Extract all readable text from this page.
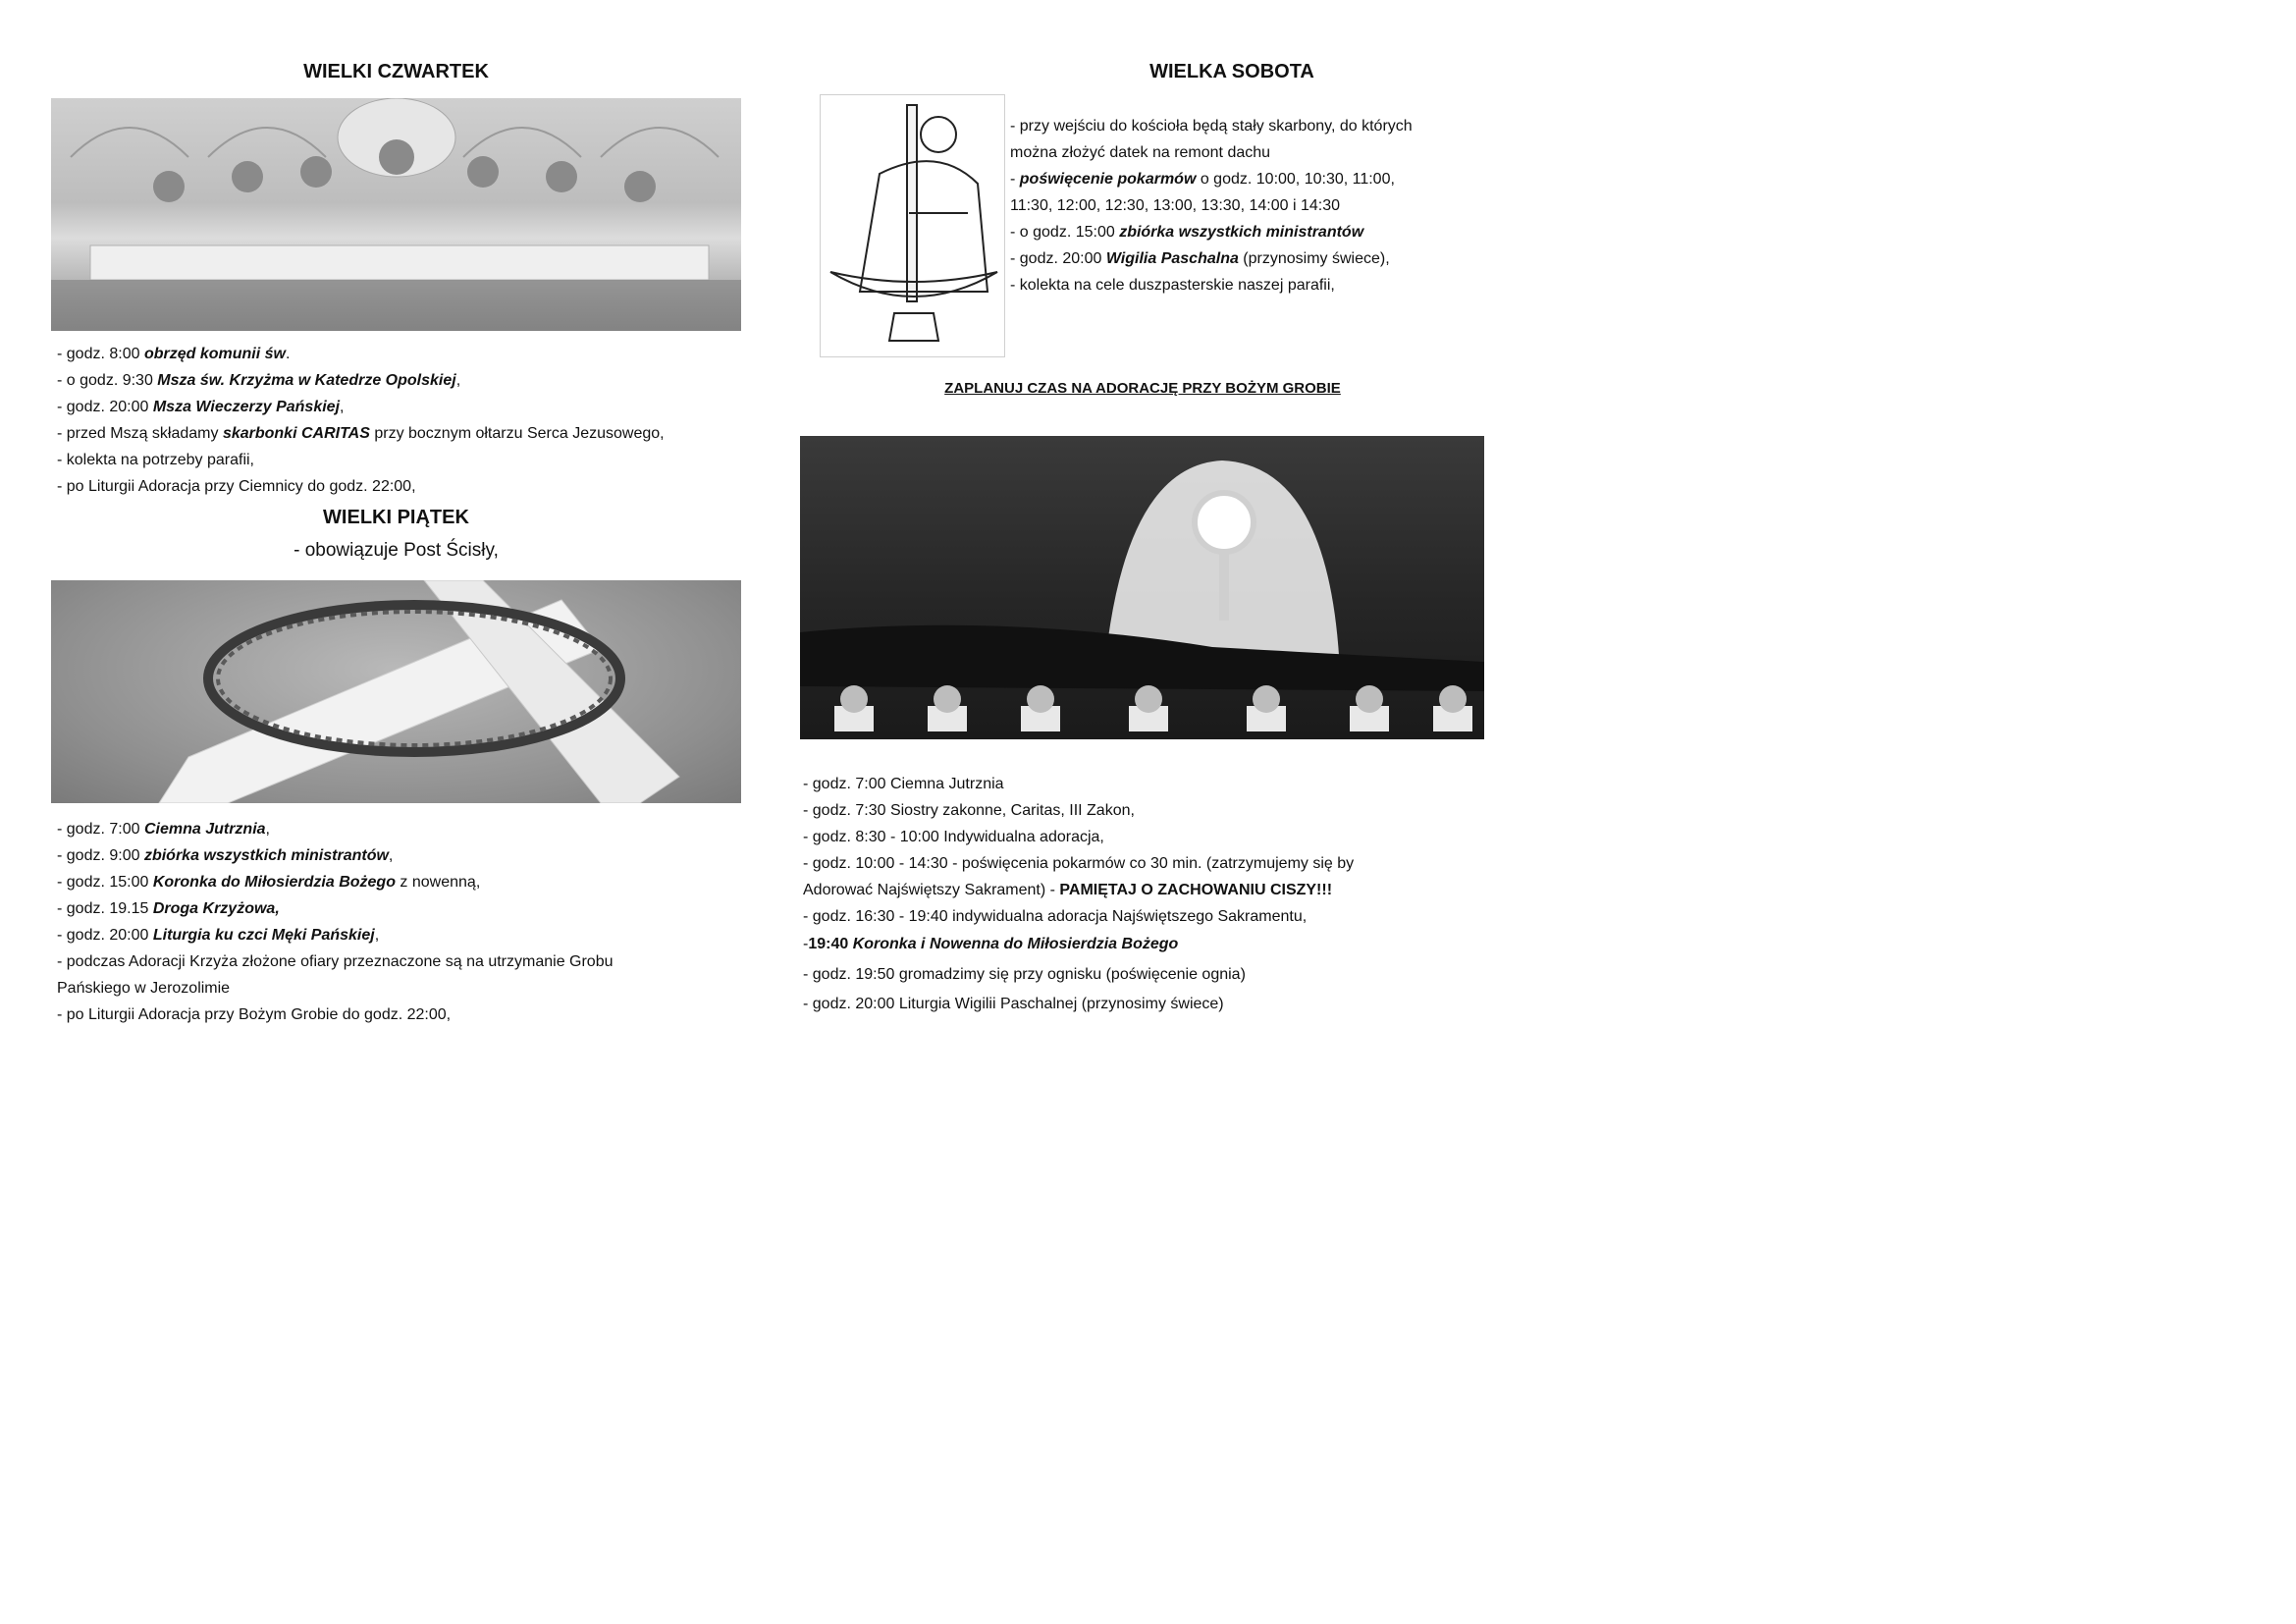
WIELKI CZWARTEK
- godz. 8:00 obrzęd komunii św.
- o godz. 9:30 Msza św. Krzyżma w Katedrze Opolskiej,
- godz. 20:00 Msza Wieczerzy Pańskiej,
- przed Mszą składamy skarbonki CARITAS przy bocznym ołtarzu Serca Jezusowego,
- kolekta na potrzeby parafii,
- po Liturgii Adoracja przy Ciemnicy do godz. 22:00,
WIELKI PIĄTEK
- obowiązuje Post Ścisły,
- godz. 7:00 Ciemna Jutrznia,
- godz. 9:00 zbiórka wszystkich ministrantów,
- godz. 15:00 Koronka do Miłosierdzia Bożego z nowenną,
- godz. 19.15 Droga Krzyżowa,
- godz. 20:00 Liturgia ku czci Męki Pańskiej,
- podczas Adoracji Krzyża złożone ofiary przeznaczone są na utrzymanie Grobu
Pańskiego w Jerozolimie
- po Liturgii Adoracja przy Bożym Grobie do godz. 22:00,
WIELKA SOBOTA
- przy wejściu do kościoła będą stały skarbony, do których
można złożyć datek na remont dachu
- poświęcenie pokarmów o godz. 10:00, 10:30, 11:00,
11:30, 12:00, 12:30, 13:00, 13:30, 14:00 i 14:30
- o godz. 15:00 zbiórka wszystkich ministrantów
- godz. 20:00 Wigilia Paschalna (przynosimy świece),
- kolekta na cele duszpasterskie naszej parafii,
ZAPLANUJ CZAS NA ADORACJĘ PRZY BOŻYM GROBIE
- godz. 7:00 Ciemna Jutrznia
- godz. 7:30 Siostry zakonne, Caritas, III Zakon,
- godz. 8:30 - 10:00 Indywidualna adoracja,
- godz. 10:00 - 14:30 - poświęcenia pokarmów co 30 min. (zatrzymujemy się by
Adorować Najświętszy Sakrament) - PAMIĘTAJ O ZACHOWANIU CISZY!!!
- godz. 16:30 - 19:40 indywidualna adoracja Najświętszego Sakramentu,
-19:40 Koronka i Nowenna do Miłosierdzia Bożego
- godz. 19:50 gromadzimy się przy ognisku (poświęcenie ognia)
- godz. 20:00 Liturgia Wigilii Paschalnej (przynosimy świece)
